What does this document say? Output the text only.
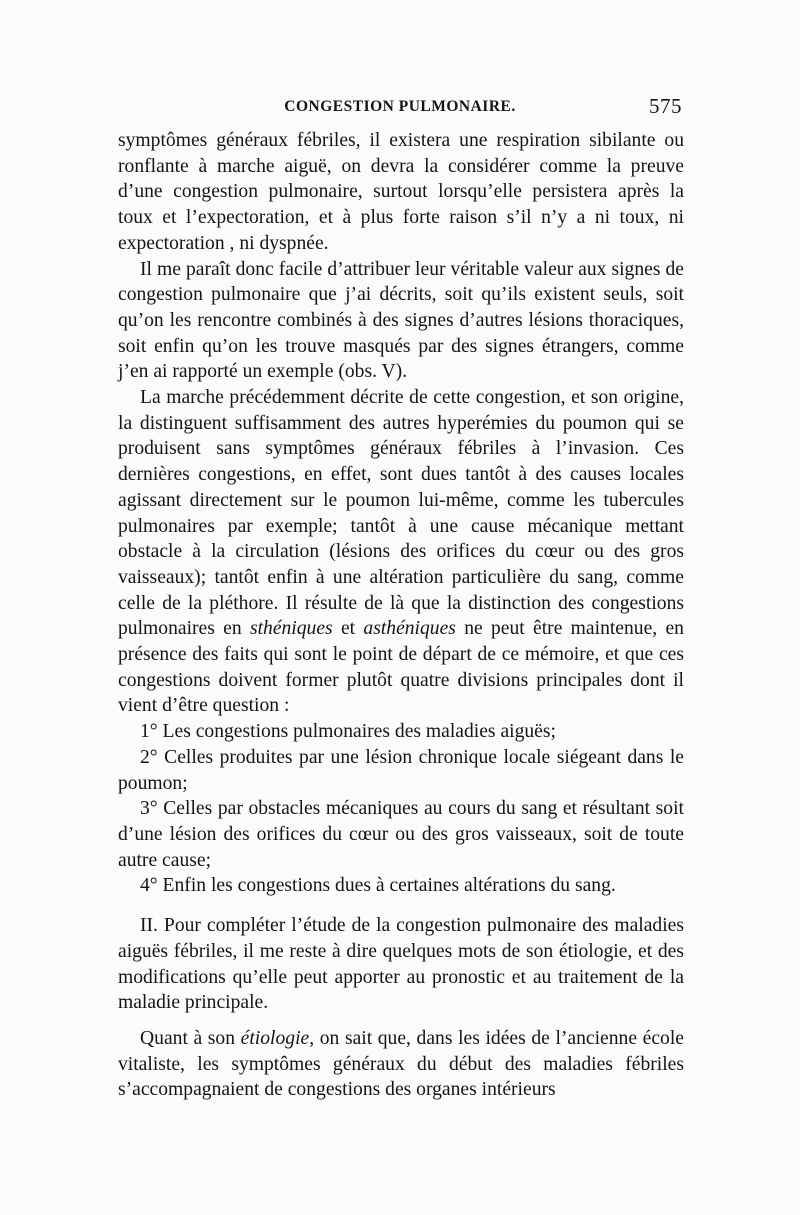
CONGESTION PULMONAIRE.	575

symptômes généraux fébriles, il existera une respiration sibilante ou ronflante à marche aiguë, on devra la considérer comme la preuve d’une congestion pulmonaire, surtout lorsqu’elle persistera après la toux et l’expectoration, et à plus forte raison s’il n’y a ni toux, ni expectoration , ni dyspnée.

Il me paraît donc facile d’attribuer leur véritable valeur aux signes de congestion pulmonaire que j’ai décrits, soit qu’ils existent seuls, soit qu’on les rencontre combinés à des signes d’autres lésions thoraciques, soit enfin qu’on les trouve masqués par des signes étrangers, comme j’en ai rapporté un exemple (obs. V).

La marche précédemment décrite de cette congestion, et son origine, la distinguent suffisamment des autres hyperémies du poumon qui se produisent sans symptômes généraux fébriles à l’invasion. Ces dernières congestions, en effet, sont dues tantôt à des causes locales agissant directement sur le poumon lui-même, comme les tubercules pulmonaires par exemple; tantôt à une cause mécanique mettant obstacle à la circulation (lésions des orifices du cœur ou des gros vaisseaux); tantôt enfin à une altération particulière du sang, comme celle de la pléthore. Il résulte de là que la distinction des congestions pulmonaires en sthéniques et asthéniques ne peut être maintenue, en présence des faits qui sont le point de départ de ce mémoire, et que ces congestions doivent former plutôt quatre divisions principales dont il vient d’être question :

1° Les congestions pulmonaires des maladies aiguës;

2° Celles produites par une lésion chronique locale siégeant dans le poumon;

3° Celles par obstacles mécaniques au cours du sang et résultant soit d’une lésion des orifices du cœur ou des gros vaisseaux, soit de toute autre cause;

4° Enfin les congestions dues à certaines altérations du sang.

II. Pour compléter l’étude de la congestion pulmonaire des maladies aiguës fébriles, il me reste à dire quelques mots de son étiologie, et des modifications qu’elle peut apporter au pronostic et au traitement de la maladie principale.

Quant à son étiologie, on sait que, dans les idées de l’ancienne école vitaliste, les symptômes généraux du début des maladies fébriles s’accompagnaient de congestions des organes intérieurs
